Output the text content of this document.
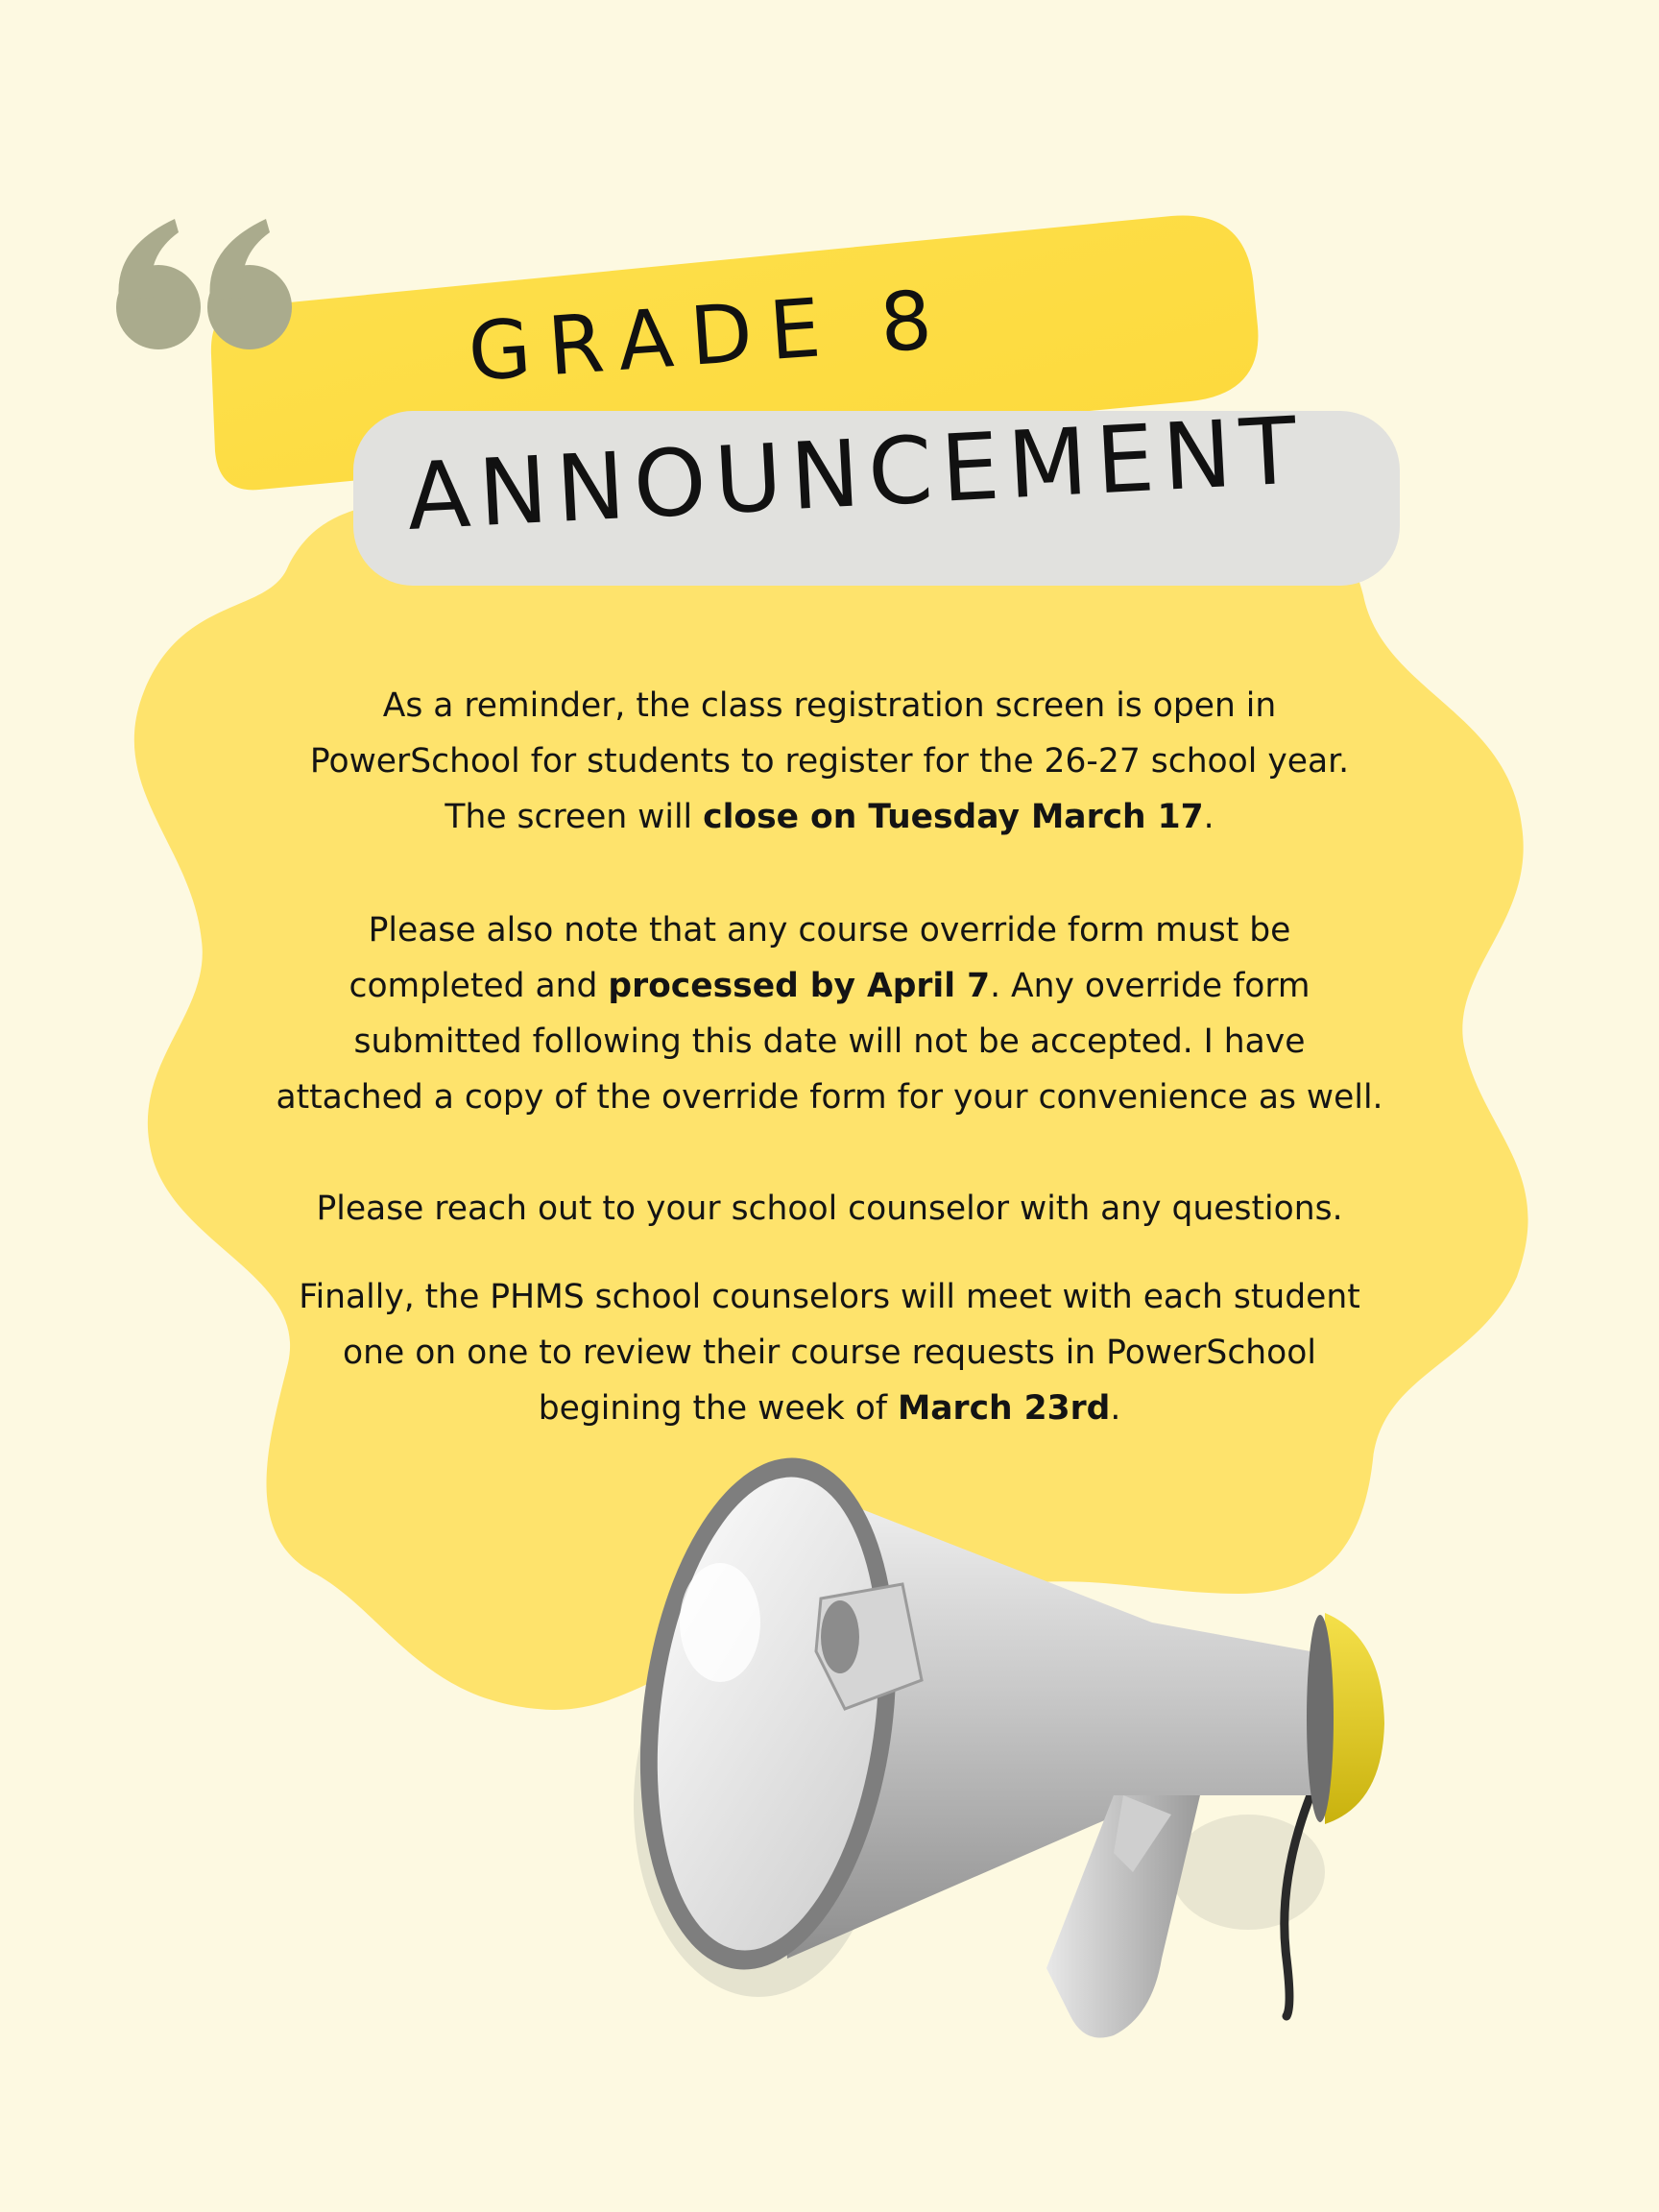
GRADE 8
ANNOUNCEMENT

As a reminder, the class registration screen is open in

PowerSchool for students to register for the 26-27 school year.

The screen will close on Tuesday March 17.

Please also note that any course override form must be

completed and processed by April 7. Any override form

submitted following this date will not be accepted. I have

attached a copy of the override form for your convenience as well.

Please reach out to your school counselor with any questions.

Finally, the PHMS school counselors will meet with each student

one on one to review their course requests in PowerSchool

begining the week of March 23rd.
